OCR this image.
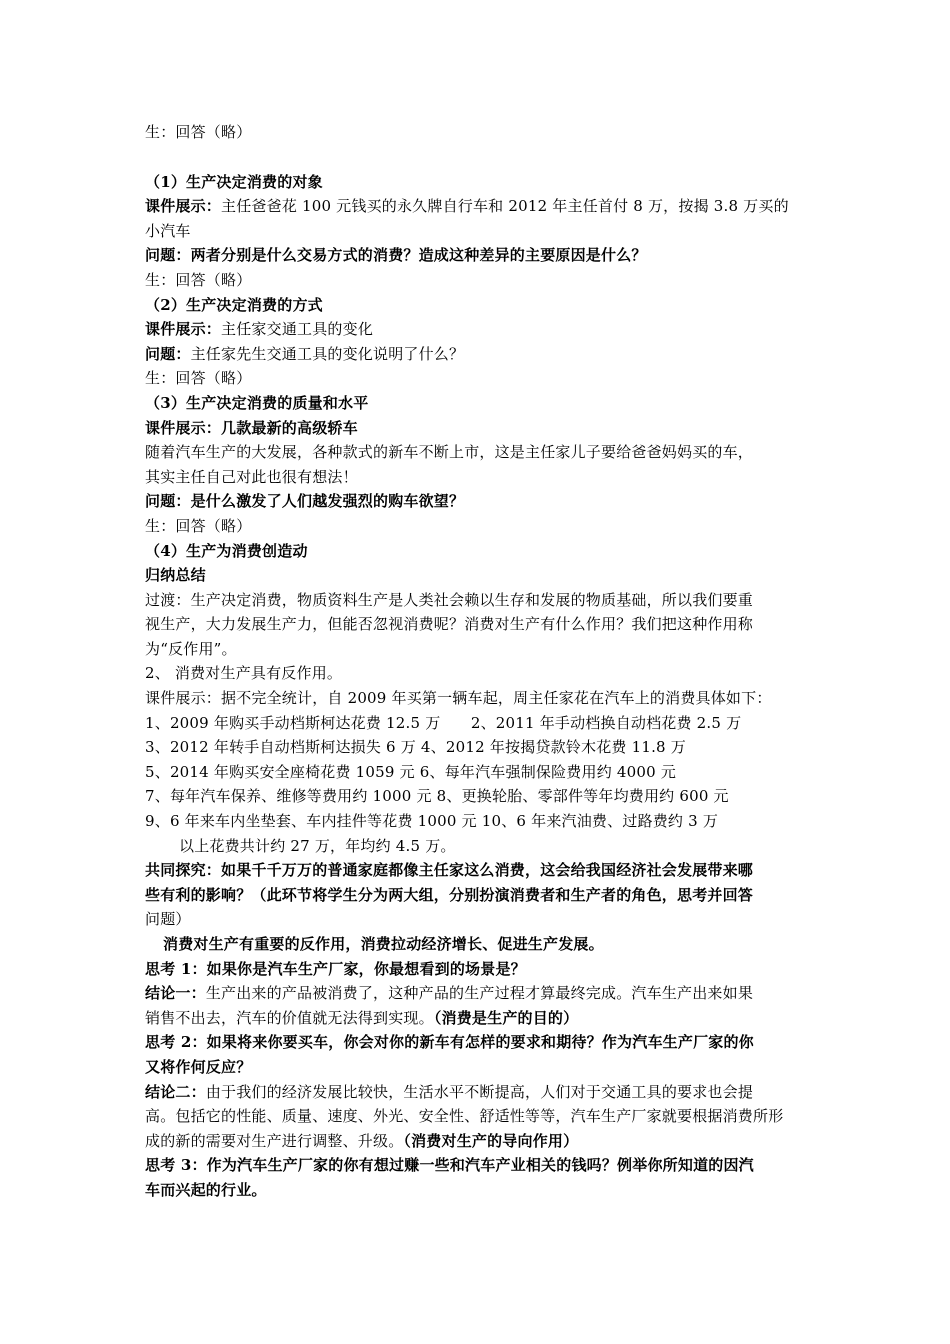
生：回答（略）
（1）生产决定消费的对象
课件展示：主任爸爸花 100 元钱买的永久牌自行车和 2012 年主任首付 8 万，按揭 3.8 万买的
小汽车
问题：两者分别是什么交易方式的消费？造成这种差异的主要原因是什么？
生：回答（略）
（2）生产决定消费的方式
课件展示：主任家交通工具的变化
问题：主任家先生交通工具的变化说明了什么？
生：回答（略）
（3）生产决定消费的质量和水平
课件展示：几款最新的高级轿车
随着汽车生产的大发展，各种款式的新车不断上市，这是主任家儿子要给爸爸妈妈买的车，
其实主任自己对此也很有想法！
问题：是什么激发了人们越发强烈的购车欲望？
生：回答（略）
（4）生产为消费创造动
归纳总结
过渡：生产决定消费，物质资料生产是人类社会赖以生存和发展的物质基础，所以我们要重
视生产，大力发展生产力，但能否忽视消费呢？消费对生产有什么作用？我们把这种作用称
为“反作用”。
2、 消费对生产具有反作用。
课件展示：据不完全统计，自 2009 年买第一辆车起，周主任家花在汽车上的消费具体如下：
1、2009 年购买手动档斯柯达花费 12.5 万　　2、2011 年手动档换自动档花费 2.5 万
3、2012 年转手自动档斯柯达损失 6 万 4、2012 年按揭贷款铃木花费 11.8 万
5、2014 年购买安全座椅花费 1059 元 6、每年汽车强制保险费用约 4000 元
7、每年汽车保养、维修等费用约 1000 元 8、更换轮胎、零部件等年均费用约 600 元
9、6 年来车内坐垫套、车内挂件等花费 1000 元 10、6 年来汽油费、过路费约 3 万
以上花费共计约 27 万，年均约 4.5 万。
共同探究：如果千千万万的普通家庭都像主任家这么消费，这会给我国经济社会发展带来哪
些有利的影响？（此环节将学生分为两大组，分别扮演消费者和生产者的角色，思考并回答
问题）
消费对生产有重要的反作用，消费拉动经济增长、促进生产发展。
思考 1：如果你是汽车生产厂家，你最想看到的场景是？
结论一：生产出来的产品被消费了，这种产品的生产过程才算最终完成。汽车生产出来如果
销售不出去，汽车的价值就无法得到实现。（消费是生产的目的）
思考 2：如果将来你要买车，你会对你的新车有怎样的要求和期待？作为汽车生产厂家的你
又将作何反应？
结论二：由于我们的经济发展比较快，生活水平不断提高，人们对于交通工具的要求也会提
高。包括它的性能、质量、速度、外光、安全性、舒适性等等，汽车生产厂家就要根据消费所形
成的新的需要对生产进行调整、升级。（消费对生产的导向作用）
思考 3：作为汽车生产厂家的你有想过赚一些和汽车产业相关的钱吗？例举你所知道的因汽
车而兴起的行业。
